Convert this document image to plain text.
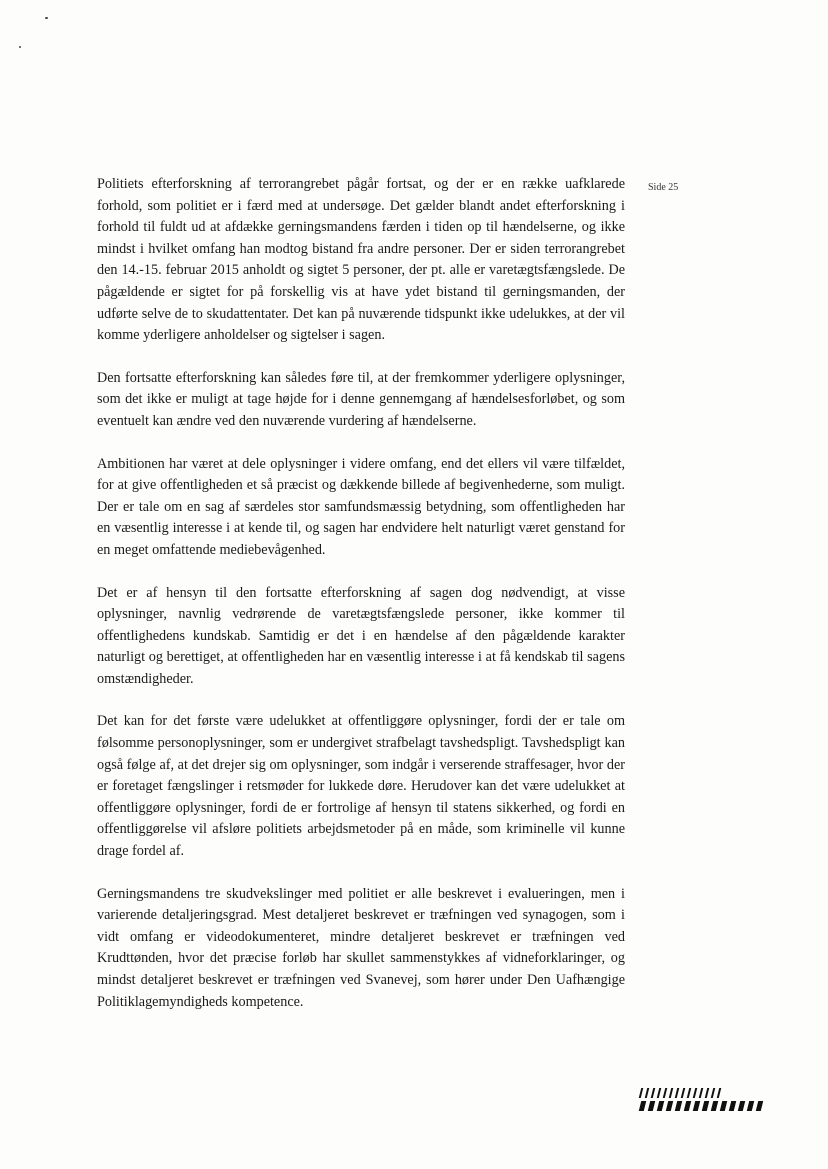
Side 25

Politiets efterforskning af terrorangrebet pågår fortsat, og der er en række uafklarede forhold, som politiet er i færd med at undersøge. Det gælder blandt andet efterforskning i forhold til fuldt ud at afdække gerningsmandens færden i tiden op til hændelserne, og ikke mindst i hvilket omfang han modtog bistand fra andre personer. Der er siden terrorangrebet den 14.-15. februar 2015 anholdt og sigtet 5 personer, der pt. alle er varetægtsfængslede. De pågældende er sigtet for på forskellig vis at have ydet bistand til gerningsmanden, der udførte selve de to skudattentater. Det kan på nuværende tidspunkt ikke udelukkes, at der vil komme yderligere anholdelser og sigtelser i sagen.

Den fortsatte efterforskning kan således føre til, at der fremkommer yderligere oplysninger, som det ikke er muligt at tage højde for i denne gennemgang af hændelsesforløbet, og som eventuelt kan ændre ved den nuværende vurdering af hændelserne.

Ambitionen har været at dele oplysninger i videre omfang, end det ellers vil være tilfældet, for at give offentligheden et så præcist og dækkende billede af begivenhederne, som muligt. Der er tale om en sag af særdeles stor samfundsmæssig betydning, som offentligheden har en væsentlig interesse i at kende til, og sagen har endvidere helt naturligt været genstand for en meget omfattende mediebevågenhed.

Det er af hensyn til den fortsatte efterforskning af sagen dog nødvendigt, at visse oplysninger, navnlig vedrørende de varetægtsfængslede personer, ikke kommer til offentlighedens kundskab. Samtidig er det i en hændelse af den pågældende karakter naturligt og berettiget, at offentligheden har en væsentlig interesse i at få kendskab til sagens omstændigheder.

Det kan for det første være udelukket at offentliggøre oplysninger, fordi der er tale om følsomme personoplysninger, som er undergivet strafbelagt tavshedspligt. Tavshedspligt kan også følge af, at det drejer sig om oplysninger, som indgår i verserende straffesager, hvor der er foretaget fængslinger i retsmøder for lukkede døre. Herudover kan det være udelukket at offentliggøre oplysninger, fordi de er fortrolige af hensyn til statens sikkerhed, og fordi en offentliggørelse vil afsløre politiets arbejdsmetoder på en måde, som kriminelle vil kunne drage fordel af.

Gerningsmandens tre skudvekslinger med politiet er alle beskrevet i evalueringen, men i varierende detaljeringsgrad. Mest detaljeret beskrevet er træfningen ved synagogen, som i vidt omfang er videodokumenteret, mindre detaljeret beskrevet er træfningen ved Krudttønden, hvor det præcise forløb har skullet sammenstykkes af vidneforklaringer, og mindst detaljeret beskrevet er træfningen ved Svanevej, som hører under Den Uafhængige Politiklagemyndigheds kompetence.
